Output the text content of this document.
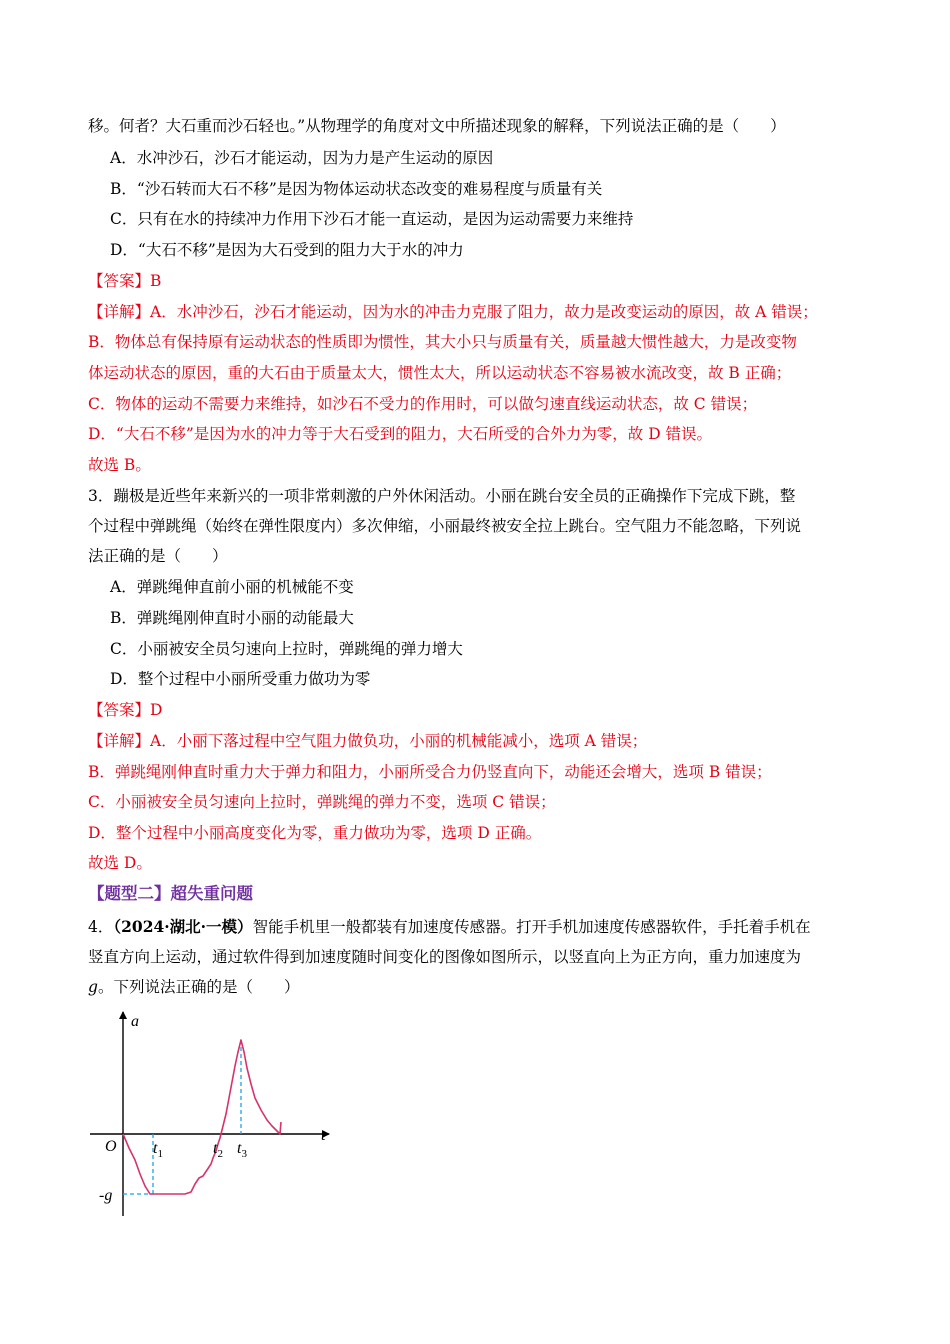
移。何者？大石重而沙石轻也。”从物理学的角度对文中所描述现象的解释，下列说法正确的是（　　）
A．水冲沙石，沙石才能运动，因为力是产生运动的原因
B．“沙石转而大石不移”是因为物体运动状态改变的难易程度与质量有关
C．只有在水的持续冲力作用下沙石才能一直运动，是因为运动需要力来维持
D．“大石不移”是因为大石受到的阻力大于水的冲力
【答案】B
【详解】A．水冲沙石，沙石才能运动，因为水的冲击力克服了阻力，故力是改变运动的原因，故 A 错误；
B．物体总有保持原有运动状态的性质即为惯性，其大小只与质量有关，质量越大惯性越大，力是改变物
体运动状态的原因，重的大石由于质量太大，惯性太大，所以运动状态不容易被水流改变，故 B 正确；
C．物体的运动不需要力来维持，如沙石不受力的作用时，可以做匀速直线运动状态，故 C 错误；
D．“大石不移”是因为水的冲力等于大石受到的阻力，大石所受的合外力为零，故 D 错误。
故选 B。
3．蹦极是近些年来新兴的一项非常刺激的户外休闲活动。小丽在跳台安全员的正确操作下完成下跳，整
个过程中弹跳绳（始终在弹性限度内）多次伸缩，小丽最终被安全拉上跳台。空气阻力不能忽略，下列说
法正确的是（　　）
A．弹跳绳伸直前小丽的机械能不变
B．弹跳绳刚伸直时小丽的动能最大
C．小丽被安全员匀速向上拉时，弹跳绳的弹力增大
D．整个过程中小丽所受重力做功为零
【答案】D
【详解】A．小丽下落过程中空气阻力做负功，小丽的机械能减小，选项 A 错误；
B．弹跳绳刚伸直时重力大于弹力和阻力，小丽所受合力仍竖直向下，动能还会增大，选项 B 错误；
C．小丽被安全员匀速向上拉时，弹跳绳的弹力不变，选项 C 错误；
D．整个过程中小丽高度变化为零，重力做功为零，选项 D 正确。
故选 D。
【题型二】超失重问题
4．（2024·湖北·一模）智能手机里一般都装有加速度传感器。打开手机加速度传感器软件，手托着手机在
竖直方向上运动，通过软件得到加速度随时间变化的图像如图所示，以竖直向上为正方向，重力加速度为
g。下列说法正确的是（　　）
a
t
O
-g
$t_1$	$t_2$ $t_3$
